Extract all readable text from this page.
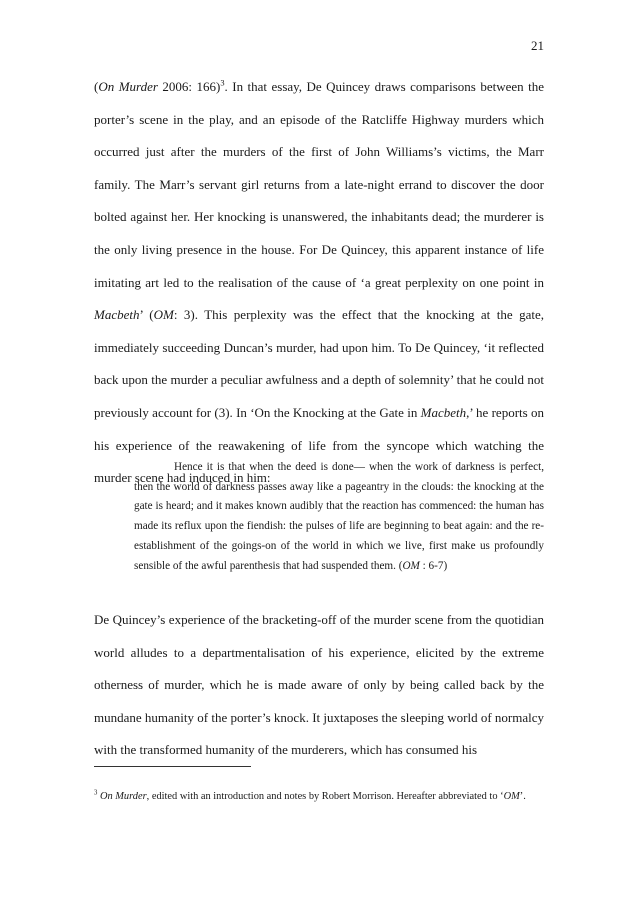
21

(On Murder 2006: 166)$^3$. In that essay, De Quincey draws comparisons between the porter’s scene in the play, and an episode of the Ratcliffe Highway murders which occurred just after the murders of the first of John Williams’s victims, the Marr family. The Marr’s servant girl returns from a late-night errand to discover the door bolted against her. Her knocking is unanswered, the inhabitants dead; the murderer is the only living presence in the house. For De Quincey, this apparent instance of life imitating art led to the realisation of the cause of ‘a great perplexity on one point in Macbeth’ (OM: 3). This perplexity was the effect that the knocking at the gate, immediately succeeding Duncan’s murder, had upon him. To De Quincey, ‘it reflected back upon the murder a peculiar awfulness and a depth of solemnity’ that he could not previously account for (3). In ‘On the Knocking at the Gate in Macbeth,’ he reports on his experience of the reawakening of life from the syncope which watching the murder scene had induced in him:

Hence it is that when the deed is done— when the work of darkness is perfect, then the world of darkness passes away like a pageantry in the clouds: the knocking at the gate is heard; and it makes known audibly that the reaction has commenced: the human has made its reflux upon the fiendish: the pulses of life are beginning to beat again: and the re-establishment of the goings-on of the world in which we live, first make us profoundly sensible of the awful parenthesis that had suspended them. (OM : 6-7)

De Quincey’s experience of the bracketing-off of the murder scene from the quotidian world alludes to a departmentalisation of his experience, elicited by the extreme otherness of murder, which he is made aware of only by being called back by the mundane humanity of the porter’s knock. It juxtaposes the sleeping world of normalcy with the transformed humanity of the murderers, which has consumed his

$^3$ On Murder, edited with an introduction and notes by Robert Morrison. Hereafter abbreviated to ‘OM’.
